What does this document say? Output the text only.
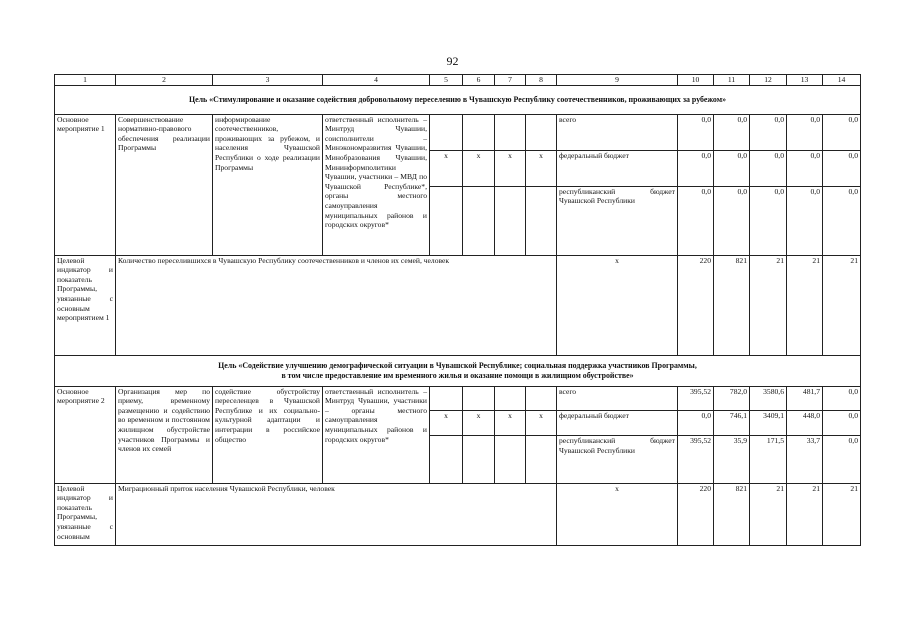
92
1	2	3	4	5	6	7	8	9	10	11	12	13	14
Цель «Стимулирование и оказание содействия добровольному переселению в Чувашскую Республику соотечественников, проживающих за рубежом»													
Основное мероприятие 1	Совершенствование нормативно-правового обеспечения реализации Программы	информирование соотечественников, проживающих за рубежом, и населения Чувашской Республики о ходе реализации Программы	ответственный исполнитель – Минтруд Чувашии, соисполнители – Минэкономразвития Чувашии, Минобразования Чувашии, Мининформполитики Чувашии, участники – МВД по Чувашской Республике*, органы местного самоуправления муниципальных районов и городских округов*					всего	0,0	0,0	0,0	0,0	0,0
				x	x	x	x	федеральный бюджет	0,0	0,0	0,0	0,0	0,0
								республиканский бюджет Чувашской Республики	0,0	0,0	0,0	0,0	0,0
Целевой индикатор и показатель Программы, увязанные с основным мероприятием 1	Количество переселившихся в Чувашскую Республику соотечественников и членов их семей, человек							x	220	821	21	21	21

Цель «Содействие улучшению демографической ситуации в Чувашской Республике; социальная поддержка участников Программы,
в том числе предоставление им временного жилья и оказание помощи в жилищном обустройстве»													

Основное мероприятие 2	Организация мер по приему, временному размещению и содействию во временном и постоянном жилищном обустройстве участников Программы и членов их семей	содействие обустройству переселенцев в Чувашской Республике и их социально-культурной адаптации и интеграции в российское общество	ответственный исполнитель – Минтруд Чувашии, участники – органы местного самоуправления муниципальных районов и городских округов*					всего	395,52	782,0	3580,6	481,7	0,0
				x	x	x	x	федеральный бюджет	0,0	746,1	3409,1	448,0	0,0
								республиканский бюджет Чувашской Республики	395,52	35,9	171,5	33,7	0,0
Целевой индикатор и показатель Программы, увязанные с основным	Миграционный приток населения Чувашской Республики, человек							x	220	821	21	21	21
